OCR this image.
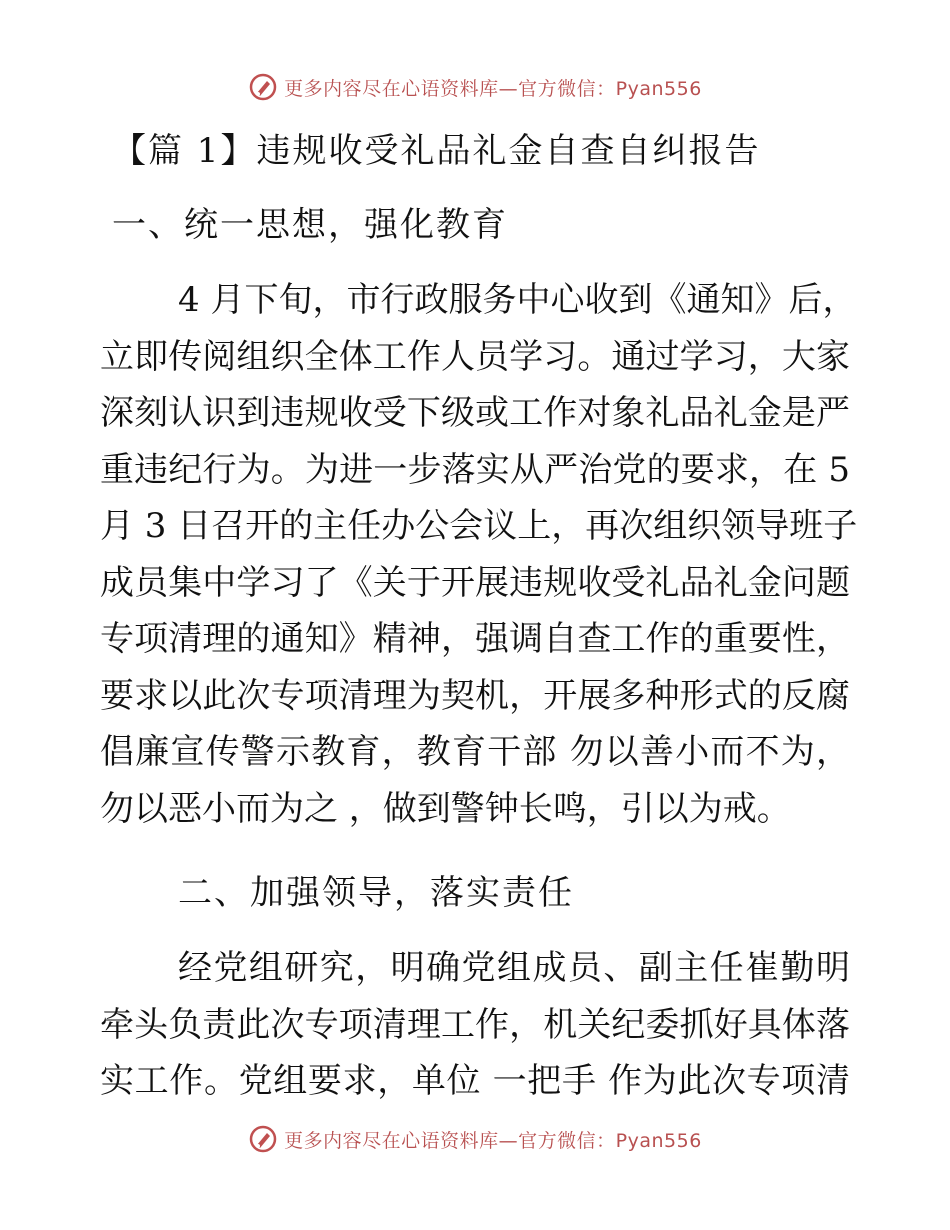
更多内容尽在心语资料库—官方微信：Pyan556
【篇 1】违规收受礼品礼金自查自纠报告
一、统一思想，强化教育
4 月下旬，市行政服务中心收到《通知》后，
立即传阅组织全体工作人员学习。通过学习，大家
深刻认识到违规收受下级或工作对象礼品礼金是严
重违纪行为。为进一步落实从严治党的要求，在 5
月 3 日召开的主任办公会议上，再次组织领导班子
成员集中学习了《关于开展违规收受礼品礼金问题
专项清理的通知》精神，强调自查工作的重要性，
要求以此次专项清理为契机，开展多种形式的反腐
倡廉宣传警示教育，教育干部 勿以善小而不为，
勿以恶小而为之 ，做到警钟长鸣，引以为戒。
二、加强领导，落实责任
经党组研究，明确党组成员、副主任崔勤明
牵头负责此次专项清理工作，机关纪委抓好具体落
实工作。党组要求，单位 一把手 作为此次专项清
更多内容尽在心语资料库—官方微信：Pyan556
